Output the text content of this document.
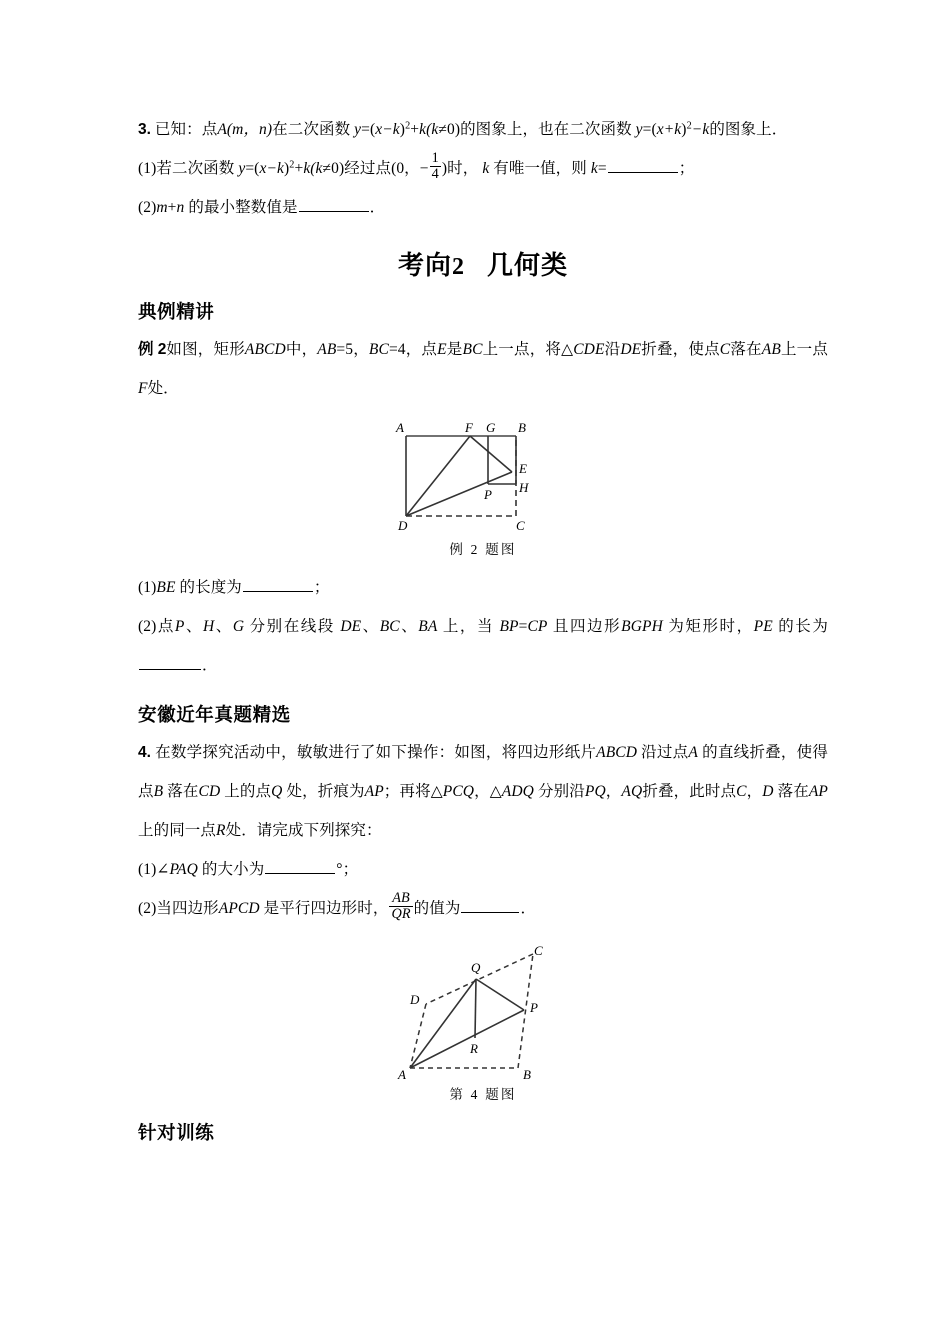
3. 已知：点A(m，n)在二次函数 $y=(x-k)^2+k(k\ne 0)$的图象上，也在二次函数 $y=(x+k)^2-k$的图象上．

(1)若二次函数 $y=(x-k)^2+k(k\ne 0)$经过点(0，− $\frac{1}{4}$ )时， k 有唯一值，则 k=	；

(2)m+n 的最小整数值是	．

考向2 几何类
典例精讲

例 2如图，矩形ABCD中，AB=5，BC=4，点E是BC上一点，将△CDE沿DE折叠，使点C落在AB上一点F处．

A	B
C
D
E
F G
H
P
例 2 题图

(1)BE 的长度为	；

(2)点P、H、G 分别在线段 DE、BC、BA 上，当 BP=CP 且四边形BGPH 为矩形时，PE 的长为．

安徽近年真题精选

4. 在数学探究活动中，敏敏进行了如下操作：如图，将四边形纸片ABCD 沿过点A 的直线折叠，使得点B 落在CD 上的点Q 处，折痕为AP；再将△PCQ，△ADQ 分别沿PQ，AQ折叠，此时点C，D 落在AP 上的同一点R处．请完成下列探究：

(1)∠PAQ 的大小为	°；

(2)当四边形APCD 是平行四边形时， $\frac{AB}{QR}$ 的值为	．

A	B
C
D
P
Q
R
第 4 题图
针对训练
